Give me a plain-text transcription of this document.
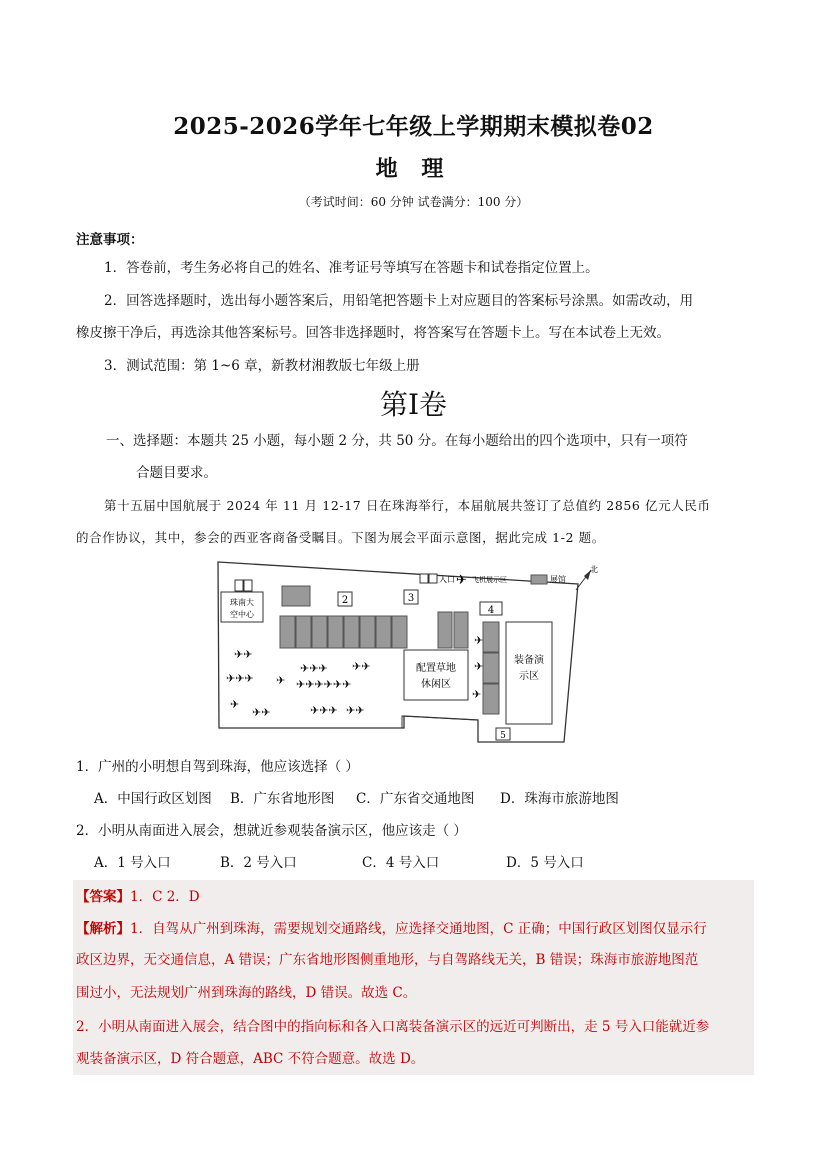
2025-2026学年七年级上学期期末模拟卷02
地 理
（考试时间：60 分钟 试卷满分：100 分）
注意事项：
1．答卷前，考生务必将自己的姓名、准考证号等填写在答题卡和试卷指定位置上。
2．回答选择题时，选出每小题答案后，用铅笔把答题卡上对应题目的答案标号涂黑。如需改动，用
橡皮擦干净后，再选涂其他答案标号。回答非选择题时，将答案写在答题卡上。写在本试卷上无效。
3．测试范围：第 1~6 章，新教材湘教版七年级上册
第I卷
一、选择题：本题共 25 小题，每小题 2 分，共 50 分。在每小题给出的四个选项中，只有一项符
合题目要求。
第十五届中国航展于 2024 年 11 月 12-17 日在珠海举行，本届航展共签订了总值约 2856 亿元人民币
的合作协议，其中，参会的西亚客商备受瞩目。下图为展会平面示意图，据此完成 1-2 题。
珠南大
空中心
入口 ✈ 飞机展示区	展馆
北
2	3
4
配置草地
休闲区
装备演
示区
5
✈✈
✈✈✈
✈
✈✈
✈
✈✈✈
✈✈✈✈✈✈
✈✈✈
✈✈
✈✈
✈
✈
✈
1．广州的小明想自驾到珠海，他应该选择（ ）
A．中国行政区划图 B．广东省地形图 C．广东省交通地图 D．珠海市旅游地图
2．小明从南面进入展会，想就近参观装备演示区，他应该走（ ）
A．1 号入口	B．2 号入口	C．4 号入口	D．5 号入口
【答案】1．C 2．D
【解析】1．自驾从广州到珠海，需要规划交通路线，应选择交通地图，C 正确；中国行政区划图仅显示行
政区边界，无交通信息，A 错误；广东省地形图侧重地形，与自驾路线无关，B 错误；珠海市旅游地图范
围过小，无法规划广州到珠海的路线，D 错误。故选 C。
2．小明从南面进入展会，结合图中的指向标和各入口离装备演示区的远近可判断出，走 5 号入口能就近参
观装备演示区，D 符合题意，ABC 不符合题意。故选 D。
